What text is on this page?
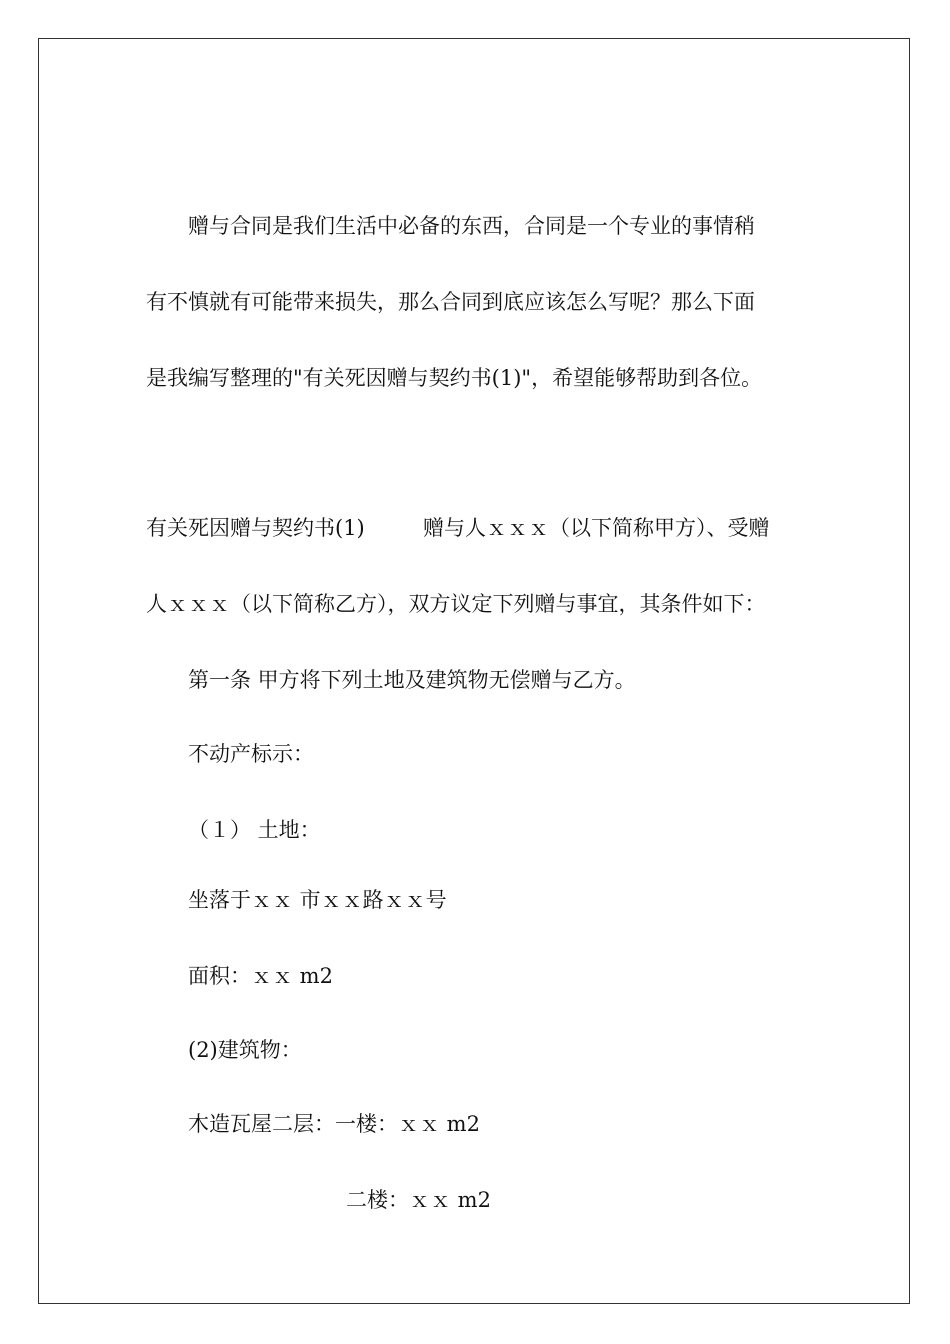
赠与合同是我们生活中必备的东西，合同是一个专业的事情稍
有不慎就有可能带来损失，那么合同到底应该怎么写呢？那么下面
是我编写整理的"有关死因赠与契约书(1)"，希望能够帮助到各位。
有关死因赠与契约书(1)	赠与人ｘｘｘ（以下简称甲方）、受赠
人ｘｘｘ（以下简称乙方），双方议定下列赠与事宜，其条件如下：
第一条 甲方将下列土地及建筑物无偿赠与乙方。
不动产标示：
（１） 土地：
坐落于ｘｘ 市ｘｘ路ｘｘ号
面积：ｘｘ m2
(2)建筑物：
木造瓦屋二层：一楼：ｘｘ m2
二楼：ｘｘ m2
